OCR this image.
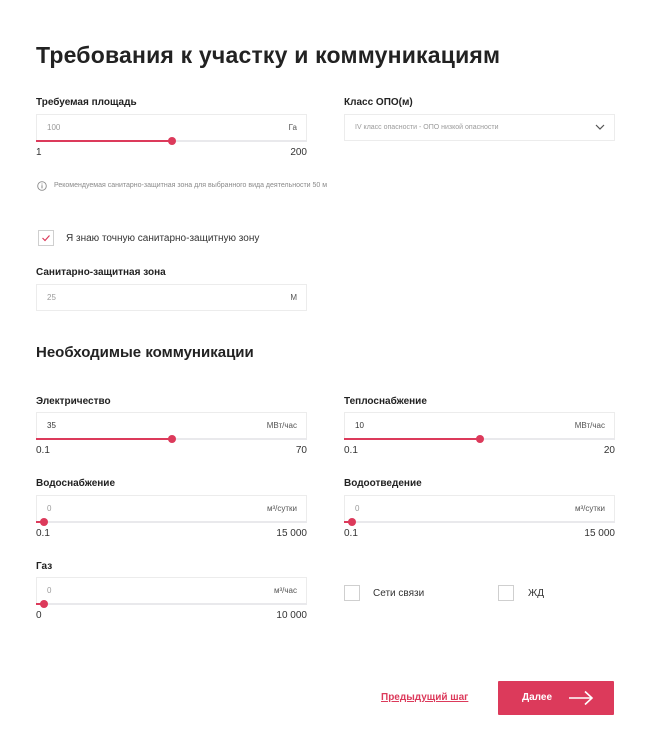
Требования к участку и коммуникациям
Требуемая площадь
100	Га
1	200
Класс ОПО(м)
IV класс опасности - ОПО низкой опасности
Рекомендуемая санитарно-защитная зона для выбранного вида деятельности 50 м
Я знаю точную санитарно-защитную зону
Санитарно-защитная зона
25	М
Необходимые коммуникации
Электричество
35	МВт/час
0.1	70
Теплоснабжение
10	МВт/час
0.1	20
Водоснабжение
0	м³/сутки
0.1	15 000
Водоотведение
0	м³/сутки
0.1	15 000
Газ
0	м³/час
0	10 000
Сети связи	ЖД
Предыдущий шаг	Далее
